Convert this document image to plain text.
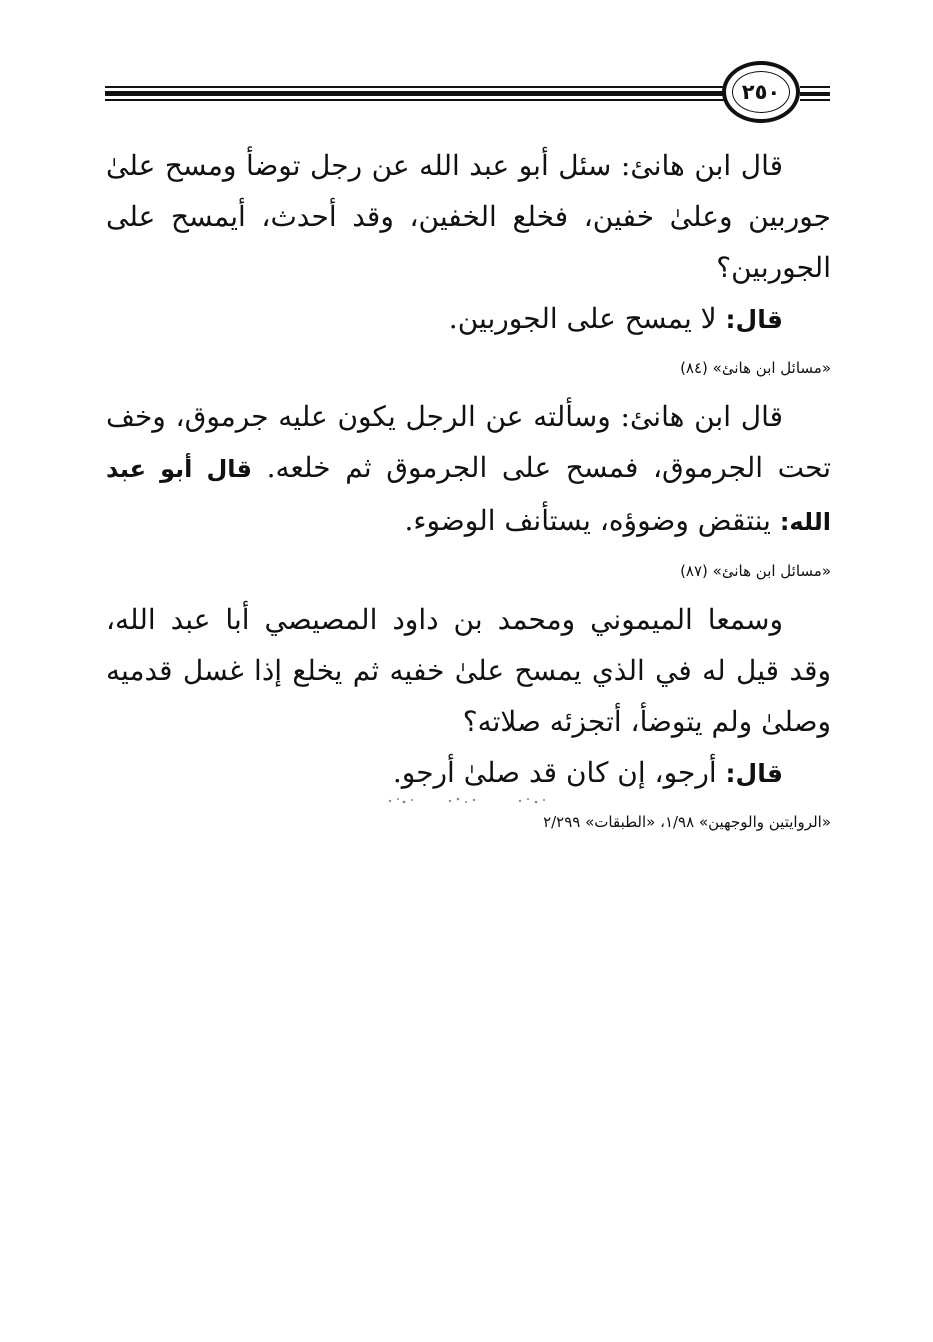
٢٥٠

قال ابن هانئ: سئل أبو عبد الله عن رجل توضأ ومسح علىٰ جوربين وعلىٰ خفين، فخلع الخفين، وقد أحدث، أيمسح على الجوربين؟

قال: لا يمسح على الجوربين.

«مسائل ابن هانئ» (٨٤)

قال ابن هانئ: وسألته عن الرجل يكون عليه جرموق، وخف تحت الجرموق، فمسح على الجرموق ثم خلعه. قال أبو عبد الله: ينتقض وضوؤه، يستأنف الوضوء.

«مسائل ابن هانئ» (٨٧)

وسمعا الميموني ومحمد بن داود المصيصي أبا عبد الله، وقد قيل له في الذي يمسح علىٰ خفيه ثم يخلع إذا غسل قدميه وصلىٰ ولم يتوضأ، أتجزئه صلاته؟

قال: أرجو، إن كان قد صلىٰ أرجو.

«الروايتين والوجهين» ١/٩٨، «الطبقات» ٢/٢٩٩
